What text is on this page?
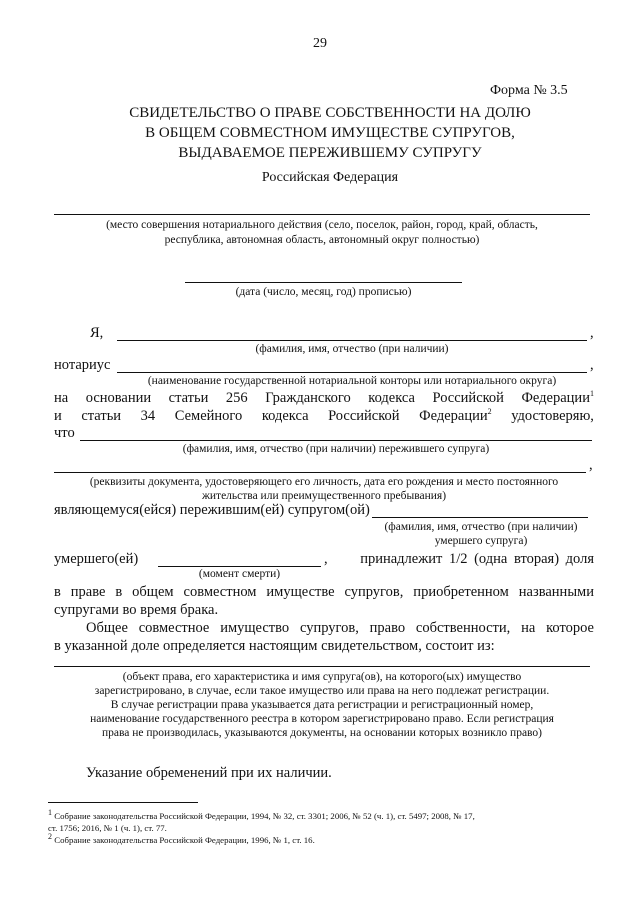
29
Форма № 3.5
СВИДЕТЕЛЬСТВО О ПРАВЕ СОБСТВЕННОСТИ НА ДОЛЮ
В ОБЩЕМ СОВМЕСТНОМ ИМУЩЕСТВЕ СУПРУГОВ,
ВЫДАВАЕМОЕ ПЕРЕЖИВШЕМУ СУПРУГУ
Российская Федерация
(место совершения нотариального действия (село, поселок, район, город, край, область,
республика, автономная область, автономный округ полностью)
(дата (число, месяц, год) прописью)
Я,	,
(фамилия, имя, отчество (при наличии)
нотариус	,
(наименование государственной нотариальной конторы или нотариального округа)
на основании статьи 256 Гражданского кодекса Российской Федерации$^1$
и статьи 34 Семейного кодекса Российской Федерации$^2$ удостоверяю,
что
(фамилия, имя, отчество (при наличии) пережившего супруга)
,
(реквизиты документа, удостоверяющего его личность, дата его рождения и место постоянного
жительства или преимущественного пребывания)
являющемуся(ейся) пережившим(ей) супругом(ой)
(фамилия, имя, отчество (при наличии)
умершего супруга)
умершего(ей)	,	принадлежит 1/2 (одна вторая) доля
(момент смерти)
в праве в общем совместном имуществе супругов, приобретенном названными
супругами во время брака.
Общее совместное имущество супругов, право собственности, на которое
в указанной доле определяется настоящим свидетельством, состоит из:
(объект права, его характеристика и имя супруга(ов), на которого(ых) имущество
зарегистрировано, в случае, если такое имущество или права на него подлежат регистрации.
В случае регистрации права указывается дата регистрации и регистрационный номер,
наименование государственного реестра в котором зарегистрировано право. Если регистрация
права не производилась, указываются документы, на основании которых возникло право)
Указание обременений при их наличии.
$^1$ Собрание законодательства Российской Федерации, 1994, № 32, ст. 3301; 2006, № 52 (ч. 1), ст. 5497; 2008, № 17,
ст. 1756; 2016, № 1 (ч. 1), ст. 77.
$^2$ Собрание законодательства Российской Федерации, 1996, № 1, ст. 16.
